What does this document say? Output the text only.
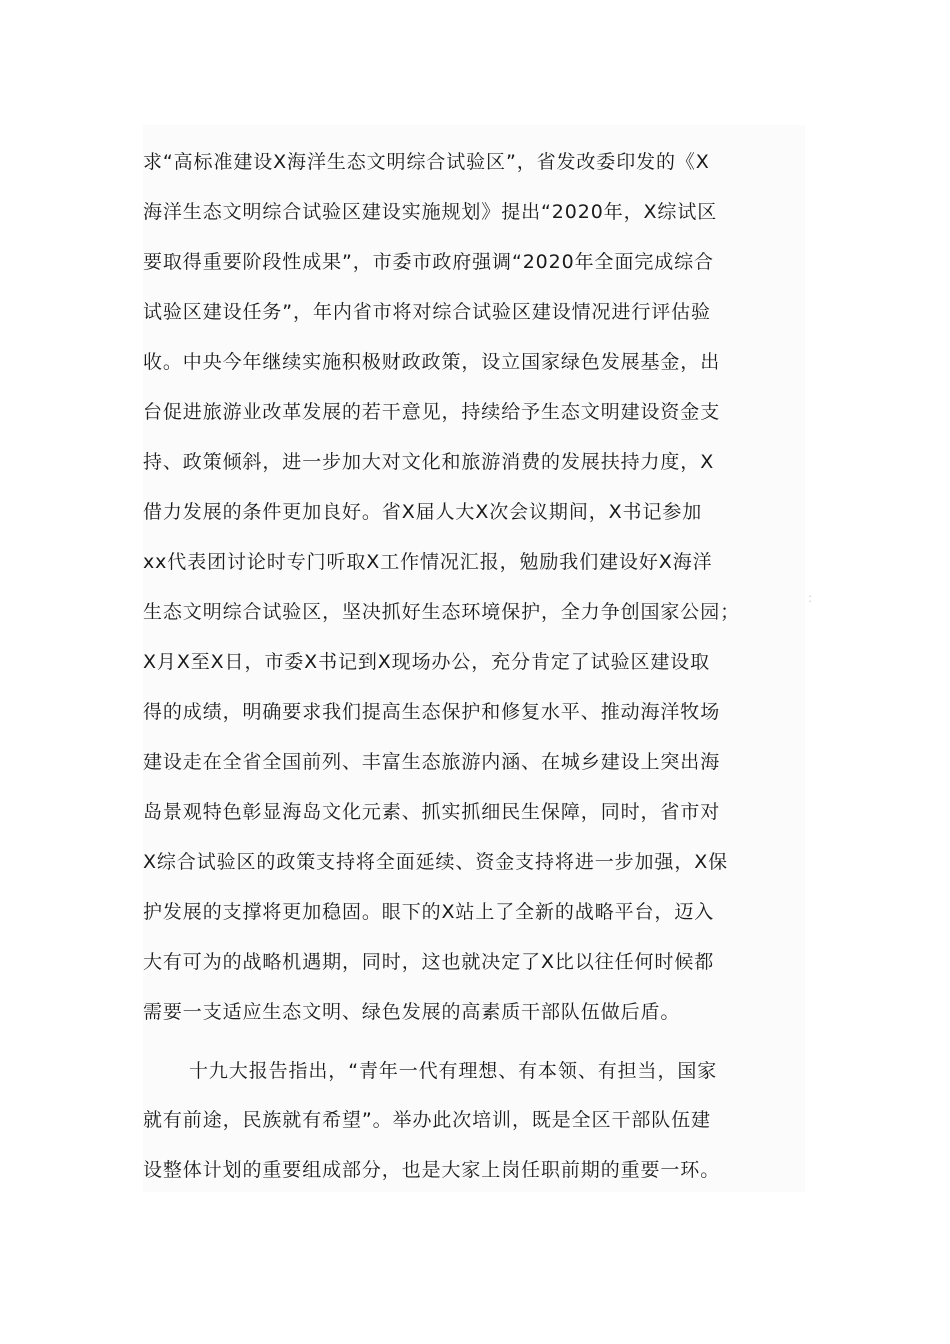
求“高标准建设X海洋生态文明综合试验区”，省发改委印发的《X
海洋生态文明综合试验区建设实施规划》提出“2020年，X综试区
要取得重要阶段性成果”，市委市政府强调“2020年全面完成综合
试验区建设任务”，年内省市将对综合试验区建设情况进行评估验
收。中央今年继续实施积极财政政策，设立国家绿色发展基金，出
台促进旅游业改革发展的若干意见，持续给予生态文明建设资金支
持、政策倾斜，进一步加大对文化和旅游消费的发展扶持力度，X
借力发展的条件更加良好。省X届人大X次会议期间，X书记参加
xx代表团讨论时专门听取X工作情况汇报，勉励我们建设好X海洋
生态文明综合试验区，坚决抓好生态环境保护，全力争创国家公园；
X月X至X日，市委X书记到X现场办公，充分肯定了试验区建设取
得的成绩，明确要求我们提高生态保护和修复水平、推动海洋牧场
建设走在全省全国前列、丰富生态旅游内涵、在城乡建设上突出海
岛景观特色彰显海岛文化元素、抓实抓细民生保障，同时，省市对
X综合试验区的政策支持将全面延续、资金支持将进一步加强，X保
护发展的支撑将更加稳固。眼下的X站上了全新的战略平台，迈入
大有可为的战略机遇期，同时，这也就决定了X比以往任何时候都
需要一支适应生态文明、绿色发展的高素质干部队伍做后盾。
十九大报告指出，“青年一代有理想、有本领、有担当，国家
就有前途，民族就有希望”。举办此次培训，既是全区干部队伍建
设整体计划的重要组成部分，也是大家上岗任职前期的重要一环。
:
